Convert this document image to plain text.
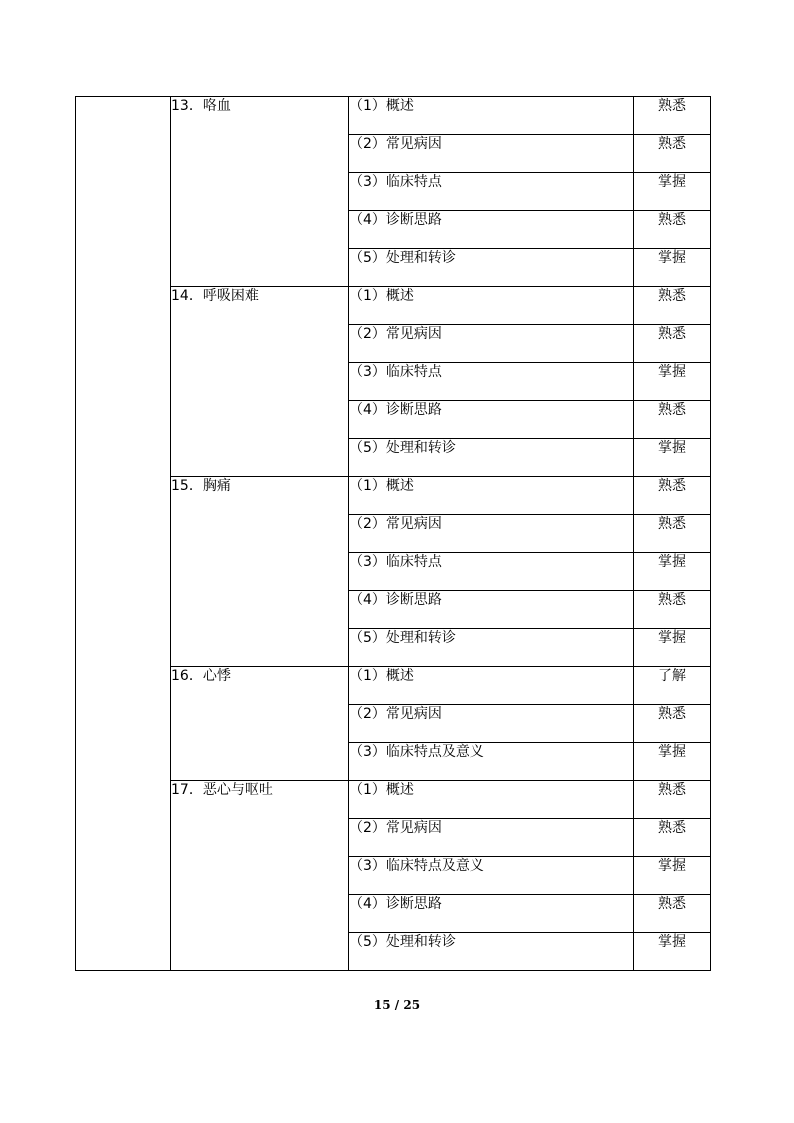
	13．咯血	（1）概述	熟悉
		（2）常见病因	熟悉
		（3）临床特点	掌握
		（4）诊断思路	熟悉
		（5）处理和转诊	掌握
	14．呼吸困难	（1）概述	熟悉
		（2）常见病因	熟悉
		（3）临床特点	掌握
		（4）诊断思路	熟悉
		（5）处理和转诊	掌握
	15．胸痛	（1）概述	熟悉
		（2）常见病因	熟悉
		（3）临床特点	掌握
		（4）诊断思路	熟悉
		（5）处理和转诊	掌握
	16．心悸	（1）概述	了解
		（2）常见病因	熟悉
		（3）临床特点及意义	掌握
	17．恶心与呕吐	（1）概述	熟悉
		（2）常见病因	熟悉
		（3）临床特点及意义	掌握
		（4）诊断思路	熟悉
		（5）处理和转诊	掌握
15 / 25
